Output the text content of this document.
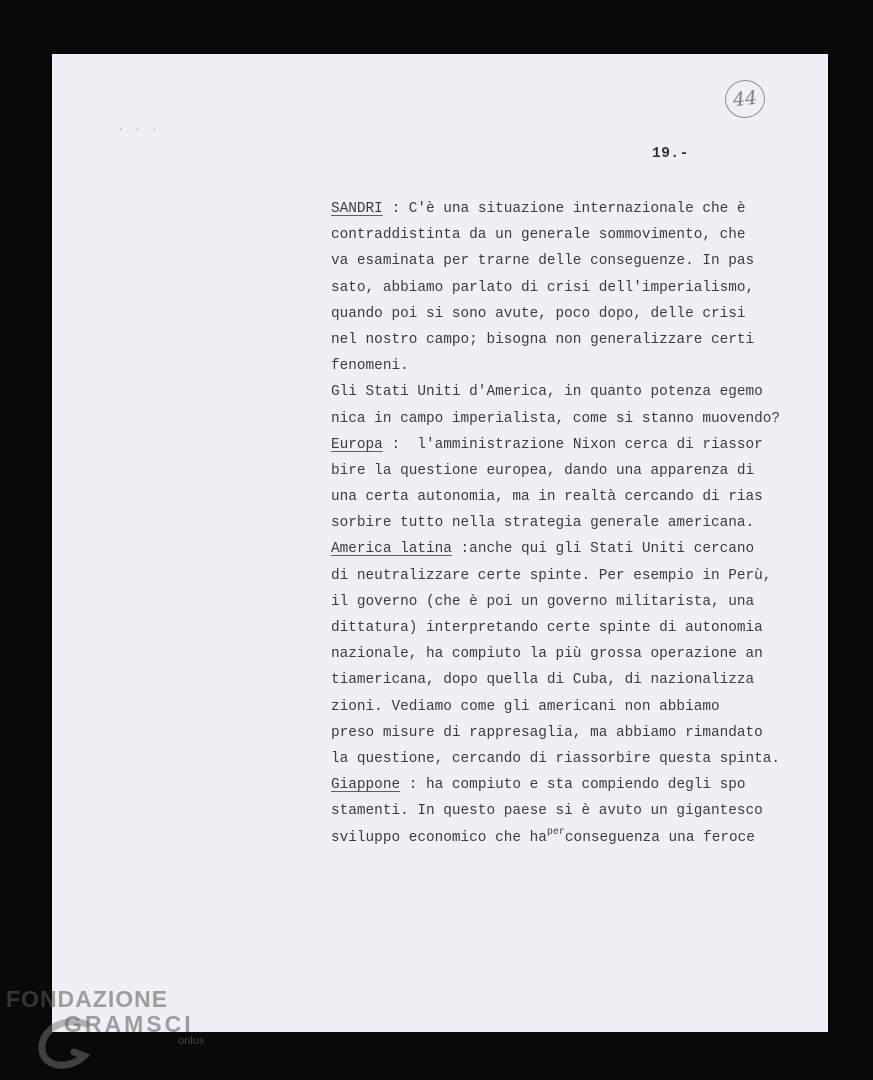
· · ·
44
19.-
SANDRI : C'è una situazione internazionale che è
contraddistinta da un generale sommovimento, che
va esaminata per trarne delle conseguenze. In pas
sato, abbiamo parlato di crisi dell'imperialismo,
quando poi si sono avute, poco dopo, delle crisi
nel nostro campo; bisogna non generalizzare certi
fenomeni.
Gli Stati Uniti d'America, in quanto potenza egemo
nica in campo imperialista, come si stanno muovendo?
Europa :  l'amministrazione Nixon cerca di riassor
bire la questione europea, dando una apparenza di
una certa autonomia, ma in realtà cercando di rias
sorbire tutto nella strategia generale americana.
America latina :anche qui gli Stati Uniti cercano
di neutralizzare certe spinte. Per esempio in Perù,
il governo (che è poi un governo militarista, una
dittatura) interpretando certe spinte di autonomia
nazionale, ha compiuto la più grossa operazione an
tiamericana, dopo quella di Cuba, di nazionalizza
zioni. Vediamo come gli americani non abbiamo
preso misure di rappresaglia, ma abbiamo rimandato
la questione, cercando di riassorbire questa spinta.
Giappone : ha compiuto e sta compiendo degli spo
stamenti. In questo paese si è avuto un gigantesco
sviluppo economico che $ha^{per}conseguenza$ una feroce
FONDAZIONE
GRAMSCI
onlus
